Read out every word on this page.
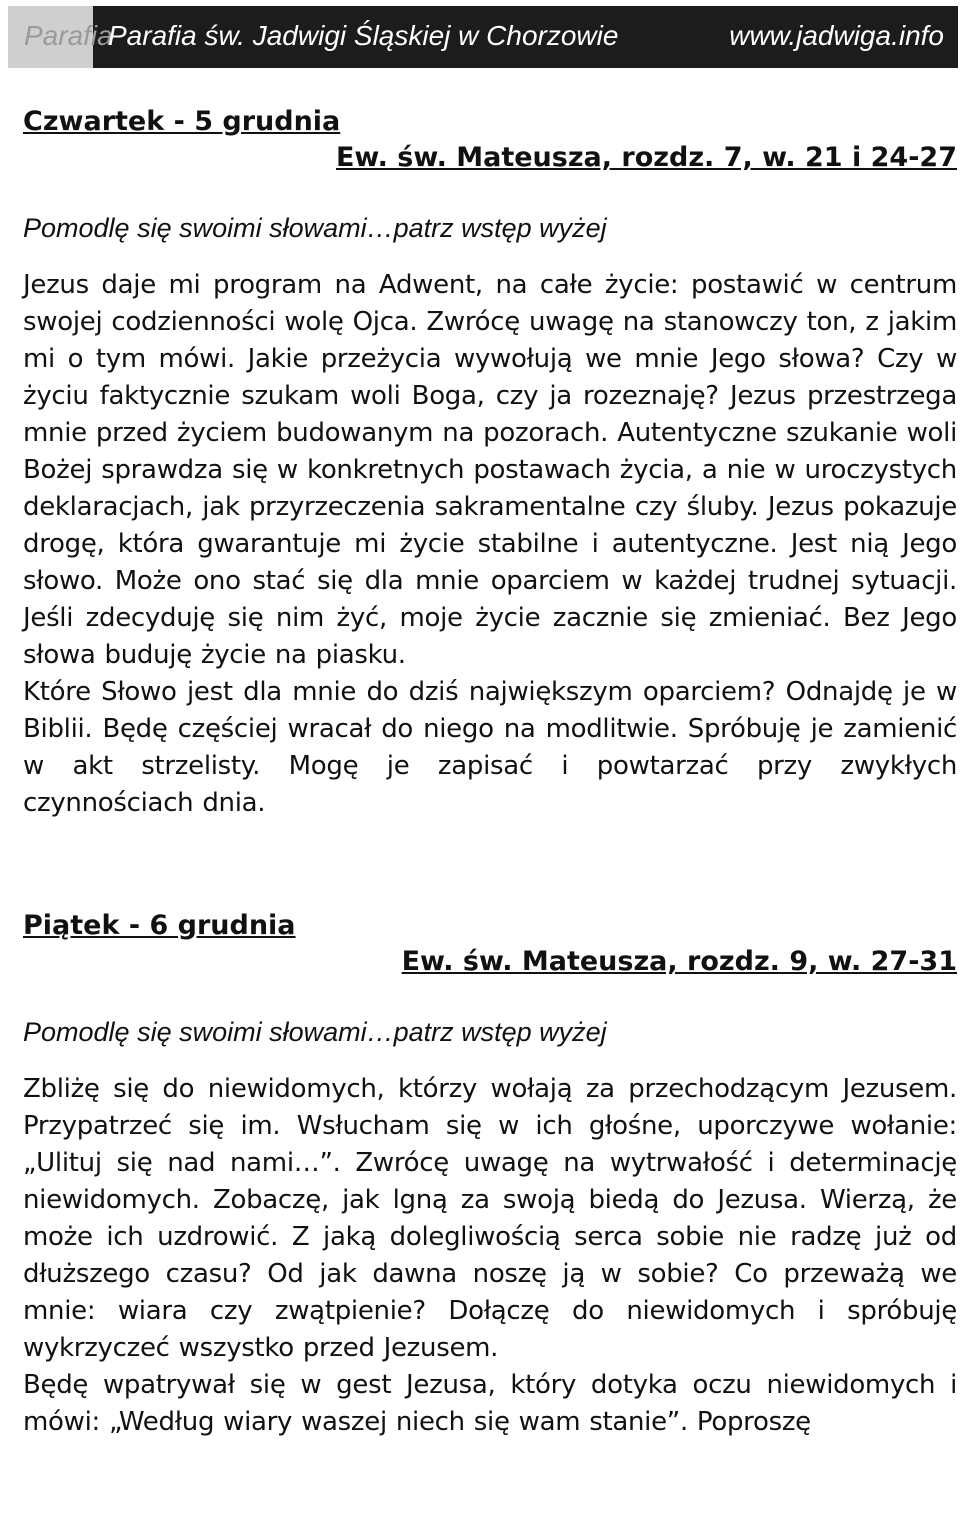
Parafia
Parafia św. Jadwigi Śląskiej w Chorzowie	www.jadwiga.info

Czwartek - 5 grudnia

Ew. św. Mateusza, rozdz. 7, w. 21 i 24-27

Pomodlę się swoimi słowami…patrz wstęp wyżej

Jezus daje mi program na Adwent, na całe życie: postawić w centrum swojej codzienności wolę Ojca. Zwrócę uwagę na stanowczy ton, z jakim mi o tym mówi. Jakie przeżycia wywołują we mnie Jego słowa? Czy w życiu faktycznie szukam woli Boga, czy ja rozeznaję? Jezus przestrzega mnie przed życiem budowanym na pozorach. Autentyczne szukanie woli Bożej sprawdza się w konkretnych postawach życia, a nie w uroczystych deklaracjach, jak przyrzeczenia sakramentalne czy śluby. Jezus pokazuje drogę, która gwarantuje mi życie stabilne i autentyczne. Jest nią Jego słowo. Może ono stać się dla mnie oparciem w każdej trudnej sytuacji. Jeśli zdecyduję się nim żyć, moje życie zacznie się zmieniać. Bez Jego słowa buduję życie na piasku.

Które Słowo jest dla mnie do dziś największym oparciem? Odnajdę je w Biblii. Będę częściej wracał do niego na modlitwie. Spróbuję je zamienić w akt strzelisty. Mogę je zapisać i powtarzać przy zwykłych czynnościach dnia.

Piątek - 6 grudnia

Ew. św. Mateusza, rozdz. 9, w. 27-31

Pomodlę się swoimi słowami…patrz wstęp wyżej

Zbliżę się do niewidomych, którzy wołają za przechodzącym Jezusem. Przypatrzeć się im. Wsłucham się w ich głośne, uporczywe wołanie: „Ulituj się nad nami…”. Zwrócę uwagę na wytrwałość i determinację niewidomych. Zobaczę, jak lgną za swoją biedą do Jezusa. Wierzą, że może ich uzdrowić. Z jaką dolegliwością serca sobie nie radzę już od dłuższego czasu? Od jak dawna noszę ją w sobie? Co przeważą we mnie: wiara czy zwątpienie? Dołączę do niewidomych i spróbuję wykrzyczeć wszystko przed Jezusem.

Będę wpatrywał się w gest Jezusa, który dotyka oczu niewidomych i mówi: „Według wiary waszej niech się wam stanie”. Poproszę
